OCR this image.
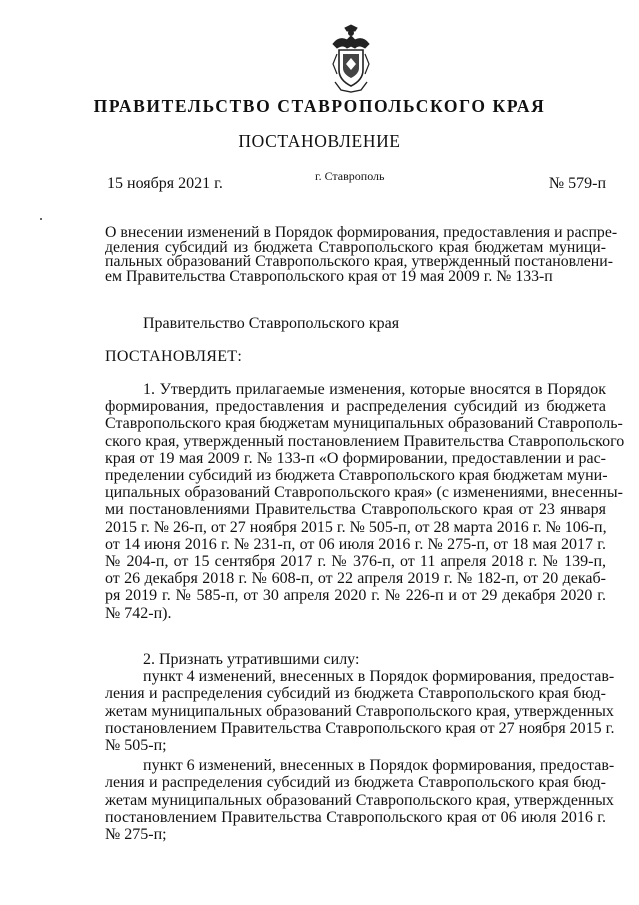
ПРАВИТЕЛЬСТВО СТАВРОПОЛЬСКОГО КРАЯ
ПОСТАНОВЛЕНИЕ
15 ноября 2021 г.	г. Ставрополь	№ 579-п
О внесении изменений в Порядок формирования, предоставления и распре-
деления субсидий из бюджета Ставропольского края бюджетам муници-
пальных образований Ставропольского края, утвержденный постановлени-
ем Правительства Ставропольского края от 19 мая 2009 г. № 133-п
Правительство Ставропольского края
ПОСТАНОВЛЯЕТ:
1. Утвердить прилагаемые изменения, которые вносятся в Порядок
формирования, предоставления и распределения субсидий из бюджета
Ставропольского края бюджетам муниципальных образований Ставрополь-
ского края, утвержденный постановлением Правительства Ставропольского
края от 19 мая 2009 г. № 133-п «О формировании, предоставлении и рас-
пределении субсидий из бюджета Ставропольского края бюджетам муни-
ципальных образований Ставропольского края» (с изменениями, внесенны-
ми постановлениями Правительства Ставропольского края от 23 января
2015 г. № 26-п, от 27 ноября 2015 г. № 505-п, от 28 марта 2016 г. № 106-п,
от 14 июня 2016 г. № 231-п, от 06 июля 2016 г. № 275-п, от 18 мая 2017 г.
№ 204-п, от 15 сентября 2017 г. № 376-п, от 11 апреля 2018 г. № 139-п,
от 26 декабря 2018 г. № 608-п, от 22 апреля 2019 г. № 182-п, от 20 декаб-
ря 2019 г. № 585-п, от 30 апреля 2020 г. № 226-п и от 29 декабря 2020 г.
№ 742-п).
2. Признать утратившими силу:
пункт 4 изменений, внесенных в Порядок формирования, предостав-
ления и распределения субсидий из бюджета Ставропольского края бюд-
жетам муниципальных образований Ставропольского края, утвержденных
постановлением Правительства Ставропольского края от 27 ноября 2015 г.
№ 505-п;
пункт 6 изменений, внесенных в Порядок формирования, предостав-
ления и распределения субсидий из бюджета Ставропольского края бюд-
жетам муниципальных образований Ставропольского края, утвержденных
постановлением Правительства Ставропольского края от 06 июля 2016 г.
№ 275-п;
